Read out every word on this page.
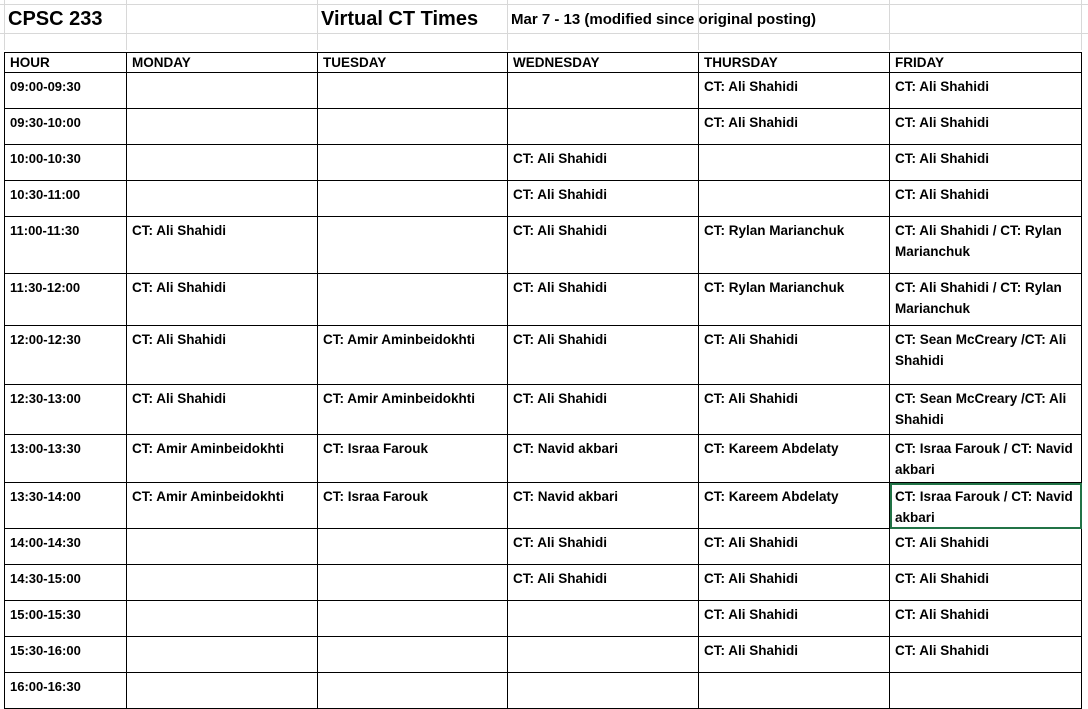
CPSC 233	Virtual CT Times Mar 7 - 13 (modified since original posting)
HOUR	MONDAY	TUESDAY	WEDNESDAY	THURSDAY	FRIDAY
09:00-09:30				CT: Ali Shahidi	CT: Ali Shahidi
09:30-10:00				CT: Ali Shahidi	CT: Ali Shahidi
10:00-10:30			CT: Ali Shahidi		CT: Ali Shahidi
10:30-11:00			CT: Ali Shahidi		CT: Ali Shahidi
11:00-11:30	CT: Ali Shahidi		CT: Ali Shahidi	CT: Rylan Marianchuk	CT: Ali Shahidi / CT: Rylan Marianchuk
11:30-12:00	CT: Ali Shahidi		CT: Ali Shahidi	CT: Rylan Marianchuk	CT: Ali Shahidi / CT: Rylan Marianchuk
12:00-12:30	CT: Ali Shahidi	CT: Amir Aminbeidokhti	CT: Ali Shahidi	CT: Ali Shahidi	CT: Sean McCreary /CT: Ali Shahidi
12:30-13:00	CT: Ali Shahidi	CT: Amir Aminbeidokhti	CT: Ali Shahidi	CT: Ali Shahidi	CT: Sean McCreary /CT: Ali Shahidi
13:00-13:30	CT: Amir Aminbeidokhti	CT: Israa Farouk	CT: Navid akbari	CT: Kareem Abdelaty	CT: Israa Farouk / CT: Navid akbari
13:30-14:00	CT: Amir Aminbeidokhti	CT: Israa Farouk	CT: Navid akbari	CT: Kareem Abdelaty	CT: Israa Farouk / CT: Navid akbari
14:00-14:30			CT: Ali Shahidi	CT: Ali Shahidi	CT: Ali Shahidi
14:30-15:00			CT: Ali Shahidi	CT: Ali Shahidi	CT: Ali Shahidi
15:00-15:30				CT: Ali Shahidi	CT: Ali Shahidi
15:30-16:00				CT: Ali Shahidi	CT: Ali Shahidi
16:00-16:30					
